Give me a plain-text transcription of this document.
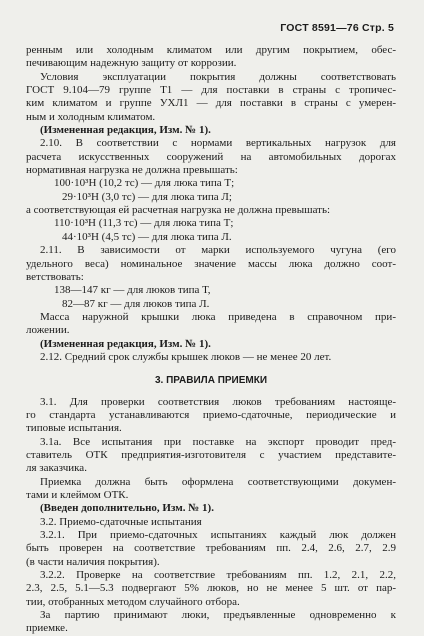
ГОСТ 8591—76 Стр. 5
ренным или холодным климатом или другим покрытием, обес-
печивающим надежную защиту от коррозии.
Условия эксплуатации покрытия должны соответствовать
ГОСТ 9.104—79 группе Т1 — для поставки в страны с тропичес-
ким климатом и группе УХЛ1 — для поставки в страны с умерен-
ным и холодным климатом.
(Измененная редакция, Изм. № 1).
2.10. В соответствии с нормами вертикальных нагрузок для
расчета искусственных сооружений на автомобильных дорогах
нормативная нагрузка не должна превышать:
100·10³Н (10,2 тс) — для люка типа Т;
29·10³Н (3,0 тс) — для люка типа Л;
а соответствующая ей расчетная нагрузка не должна превышать:
110·10³Н (11,3 тс) — для люка типа Т;
44·10³Н (4,5 тс) — для люка типа Л.
2.11. В зависимости от марки используемого чугуна (его
удельного веса) номинальное значение массы люка должно соот-
ветствовать:
138—147 кг — для люков типа Т,
82—87 кг — для люков типа Л.
Масса наружной крышки люка приведена в справочном при-
ложении.
(Измененная редакция, Изм. № 1).
2.12. Средний срок службы крышек люков — не менее 20 лет.
3. ПРАВИЛА ПРИЕМКИ
3.1. Для проверки соответствия люков требованиям настояще-
го стандарта устанавливаются приемо-сдаточные, периодические и
типовые испытания.
3.1а. Все испытания при поставке на экспорт проводит пред-
ставитель ОТК предприятия-изготовителя с участием представите-
ля заказчика.
Приемка должна быть оформлена соответствующими докумен-
тами и клеймом ОТК.
(Введен дополнительно, Изм. № 1).
3.2. Приемо-сдаточные испытания
3.2.1. При приемо-сдаточных испытаниях каждый люк должен
быть проверен на соответствие требованиям пп. 2.4, 2.6, 2.7, 2.9
(в части наличия покрытия).
3.2.2. Проверке на соответствие требованиям пп. 1.2, 2.1, 2.2,
2.3, 2.5, 5.1—5.3 подвергают 5% люков, но не менее 5 шт. от пар-
тии, отобранных методом случайного отбора.
За партию принимают люки, предъявленные одновременно к
приемке.
